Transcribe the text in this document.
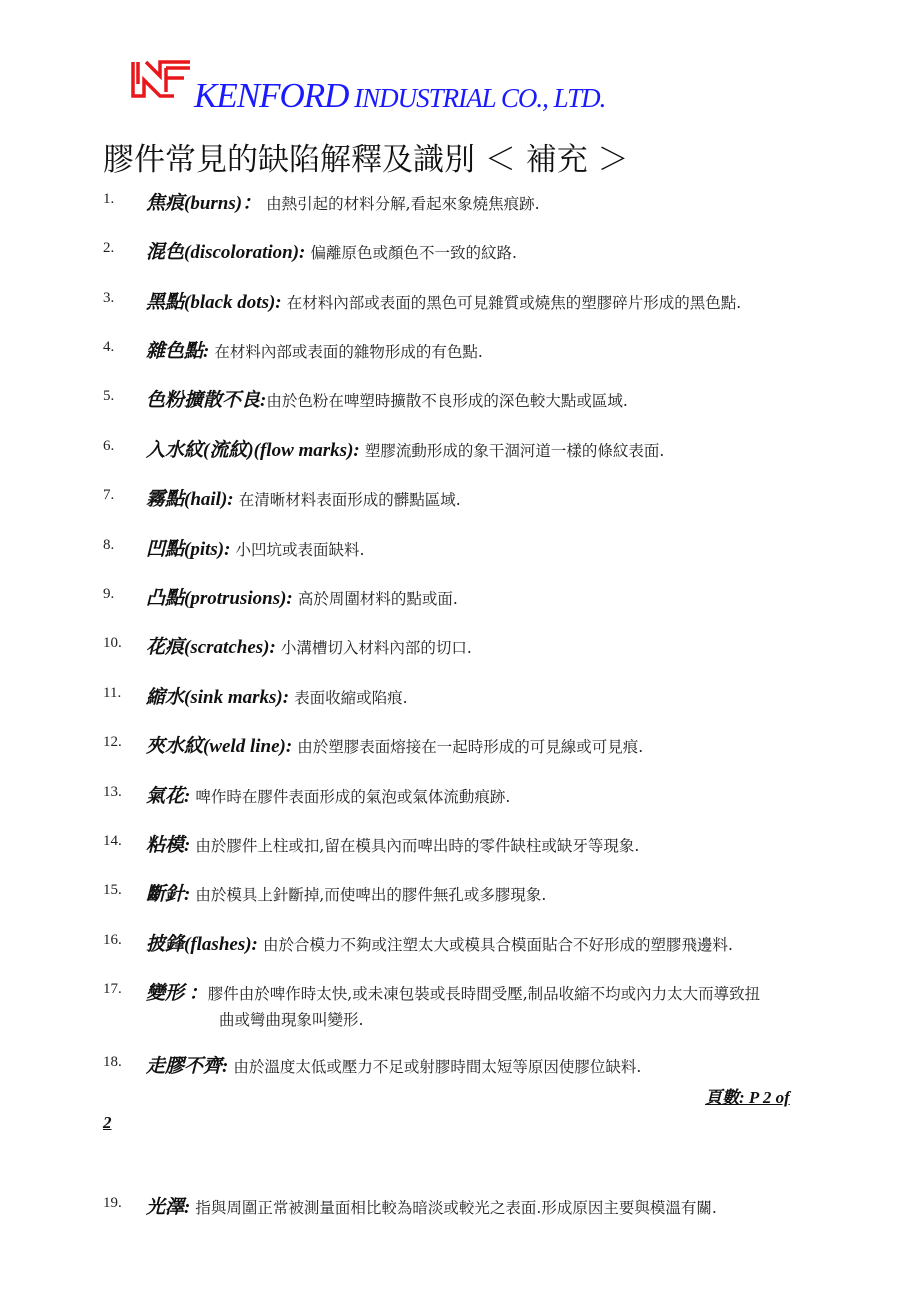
KENFORD INDUSTRIAL CO., LTD.
膠件常見的缺陷解釋及識別 ＜ 補充 ＞
1. 焦痕(burns)： 由熱引起的材料分解,看起來象燒焦痕跡.
2. 混色(discoloration): 偏離原色或顏色不一致的紋路.
3. 黑點(black dots): 在材料內部或表面的黑色可見雜質或燒焦的塑膠碎片形成的黑色點.
4. 雜色點: 在材料內部或表面的雜物形成的有色點.
5. 色粉擴散不良:由於色粉在啤塑時擴散不良形成的深色較大點或區域.
6. 入水紋(流紋)(flow marks): 塑膠流動形成的象干涸河道一樣的條紋表面.
7. 霧點(hail): 在清晰材料表面形成的髒點區域.
8. 凹點(pits): 小凹坑或表面缺料.
9. 凸點(protrusions): 高於周圍材料的點或面.
10. 花痕(scratches): 小溝槽切入材料內部的切口.
11. 縮水(sink marks): 表面收縮或陷痕.
12. 夾水紋(weld line): 由於塑膠表面熔接在一起時形成的可見線或可見痕.
13. 氣花: 啤作時在膠件表面形成的氣泡或氣体流動痕跡.
14. 粘模: 由於膠件上柱或扣,留在模具內而啤出時的零件缺柱或缺牙等現象.
15. 斷針: 由於模具上針斷掉,而使啤出的膠件無孔或多膠現象.
16. 披鋒(flashes): 由於合模力不夠或注塑太大或模具合模面貼合不好形成的塑膠飛邊料.
17. 變形 ：膠件由於啤作時太快,或未凍包裝或長時間受壓,制品收縮不均或內力太大而導致扭
曲或彎曲現象叫變形.
18. 走膠不齊: 由於溫度太低或壓力不足或射膠時間太短等原因使膠位缺料.
頁數: P 2 of
2
19. 光澤: 指與周圍正常被測量面相比較為暗淡或較光之表面.形成原因主要與模溫有關.
